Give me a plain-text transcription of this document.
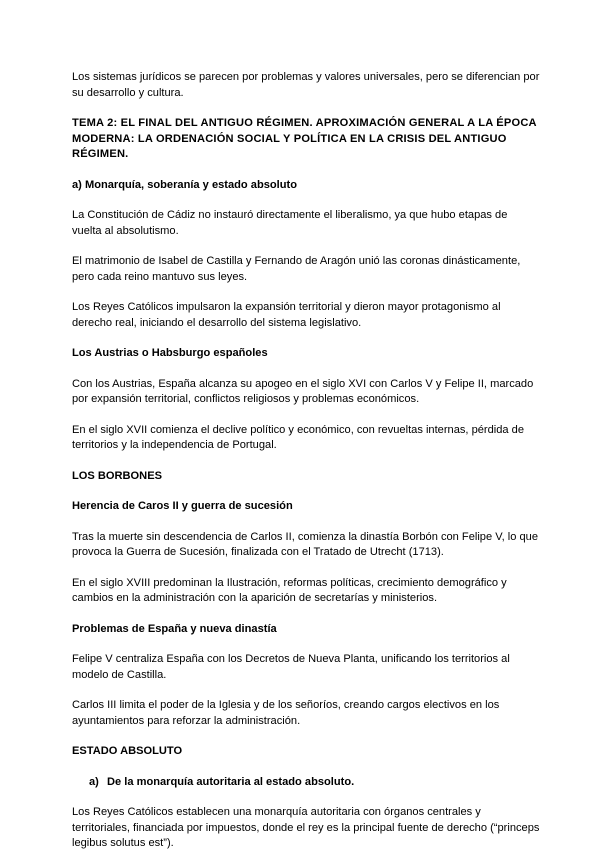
Los sistemas jurídicos se parecen por problemas y valores universales, pero se diferencian por su desarrollo y cultura.

TEMA 2: EL FINAL DEL ANTIGUO RÉGIMEN. APROXIMACIÓN GENERAL A LA ÉPOCA MODERNA: LA ORDENACIÓN SOCIAL Y POLÍTICA EN LA CRISIS DEL ANTIGUO RÉGIMEN.

a) Monarquía, soberanía y estado absoluto

La Constitución de Cádiz no instauró directamente el liberalismo, ya que hubo etapas de vuelta al absolutismo.

El matrimonio de Isabel de Castilla y Fernando de Aragón unió las coronas dinásticamente, pero cada reino mantuvo sus leyes.

Los Reyes Católicos impulsaron la expansión territorial y dieron mayor protagonismo al derecho real, iniciando el desarrollo del sistema legislativo.

Los Austrias o Habsburgo españoles

Con los Austrias, España alcanza su apogeo en el siglo XVI con Carlos V y Felipe II, marcado por expansión territorial, conflictos religiosos y problemas económicos.

En el siglo XVII comienza el declive político y económico, con revueltas internas, pérdida de territorios y la independencia de Portugal.

LOS BORBONES

Herencia de Caros II y guerra de sucesión

Tras la muerte sin descendencia de Carlos II, comienza la dinastía Borbón con Felipe V, lo que provoca la Guerra de Sucesión, finalizada con el Tratado de Utrecht (1713).

En el siglo XVIII predominan la Ilustración, reformas políticas, crecimiento demográfico y cambios en la administración con la aparición de secretarías y ministerios.

Problemas de España y nueva dinastía

Felipe V centraliza España con los Decretos de Nueva Planta, unificando los territorios al modelo de Castilla.

Carlos III limita el poder de la Iglesia y de los señoríos, creando cargos electivos en los ayuntamientos para reforzar la administración.

ESTADO ABSOLUTO

a) De la monarquía autoritaria al estado absoluto.

Los Reyes Católicos establecen una monarquía autoritaria con órganos centrales y territoriales, financiada por impuestos, donde el rey es la principal fuente de derecho (“princeps legibus solutus est”).
